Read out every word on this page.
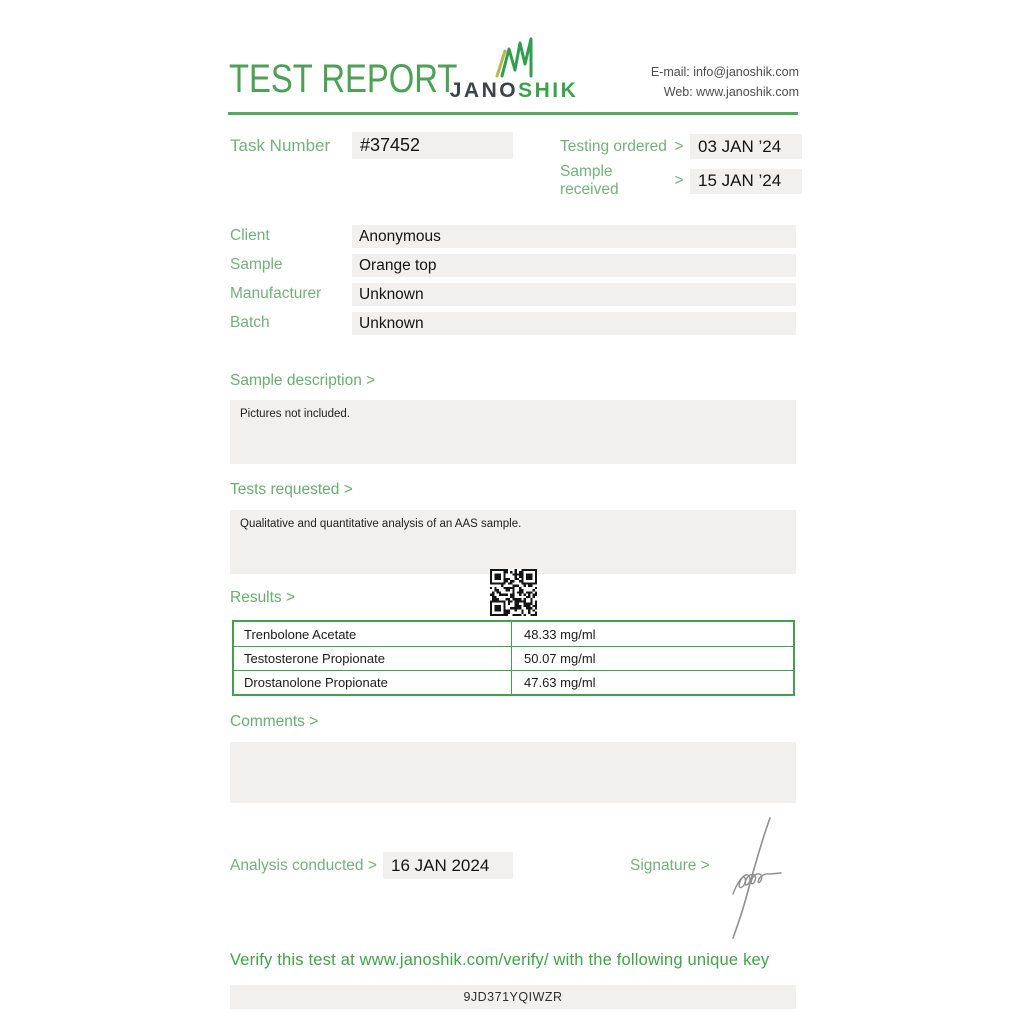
TEST REPORT
JANOSHIK
E-mail: info@janoshik.com
Web: www.janoshik.com
Task Number	#37452	Testing ordered > 03 JAN ’24
Sample received
> 15 JAN ’24
Client	Anonymous
Sample	Orange top
Manufacturer	Unknown
Batch	Unknown
Sample description >
Pictures not included.
Tests requested >
Qualitative and quantitative analysis of an AAS sample.
Results >
Trenbolone Acetate	48.33 mg/ml
Testosterone Propionate	50.07 mg/ml
Drostanolone Propionate	47.63 mg/ml
Comments >
Analysis conducted > 16 JAN 2024	Signature >
Verify this test at www.janoshik.com/verify/ with the following unique key
9JD371YQIWZR
